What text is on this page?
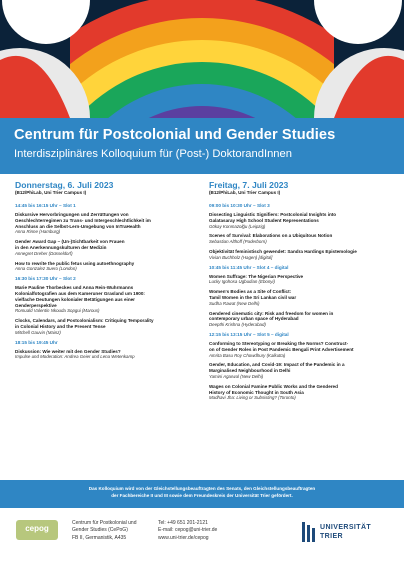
Centrum für Postcolonial und Gender Studies
Interdisziplinäres Kolloquium für (Post-) DoktorandInnen
Donnerstag, 6. Juli 2023
(B12/PhiLab, Uni Trier Campus I)
14:45 bis 16:15 Uhr – Slot 1
Diskursive Hervorbringungen und Zerrüttungen von
Geschlechterregimen zu Trans- und Intergeschlechtlichkeit im
Anschluss an die Selbst-Lern-Umgebung von InTraHealth
Anna Rinne (Hamburg)
Gender Award Gap – (Un-)Sichtbarkeit von Frauen
in den Anerkennungskulturen der Medizin
Annegret Dreher (Düsseldorf)
How to rewrite the public fetus using autoethnography
Anna Gonzalez Suero (London)
16:30 bis 17:30 Uhr – Slot 2
Marie Pauline Thorbeckes und Anna Rein-Wuhrmanns
Kolonialfotografien aus dem Kameruner Grasland um 1900:
vielfache Deutungen kolonialer Betätigungen aus einer
Genderperspektive
Romuald Valentin Nkouda Sopgui (Marous)
Clocks, Calendars, and Postcolonialism: Critiquing Temporality
in Colonial History and the Present Tense
Mitchell Gauvin (Mainz)
18:15 bis 19:45 Uhr
Diskussion: Wie weiter mit den Gender Studies?
Impulse und Moderation: Andrea Geier und Lena Wetenkamp
Freitag, 7. Juli 2023
(B12/PhiLab, Uni Trier Campus I)
09:00 bis 10:30 Uhr – Slot 3
Dissecting Linguistic Signifiers: Postcolonial Insights into
Galatasaray High School Student Representations
Gökay Konmazolğu (Leipzig)
Scenes of Survival: Elaborations on a Ubiquitous Notion
Sebastian Althoff (Paderborn)
Objektivität feministisch gewendet: Sandra Hardings Epistemologie
Vivian Buchholz (Hagen) [digital]
10:45 bis 11:45 Uhr – Slot 4 – digital
Women Suffrage: The Nigerian Perspective
Lucky Igohosa Ugbudian (Ebonyi)
Women's Bodies as a Site of Conflict:
Tamil Women in the Sri Lankan civil war
Sudha Rawat (New Delhi)
Gendered cinematic city: Risk and freedom for women in
contemporary urban space of Hyderabad
Deepthi Krishna (Hyderabad)
12:15 bis 13:15 Uhr – Slot 5 – digital
Conforming to Stereotyping or Breaking the Norms? Construct-
on of Gender Roles in Post Pandemic Bengali Print Advertisement
Amrita Basu Roy Chowdhury (Kalkutta)
Gender, Education, and Covid-19: Impact of the Pandemic in a
Marginalised Neighbourhood in Delhi
Yamini Agarwal (New Delhi)
Wages on Colonial Famine Public Works and the Gendered
History of Economic Thought in South Asia
Madhavi Jha: Living or Subsisting? (Toronto)
Das Kolloquium wird von der Gleichstellungsbeauftragten des Senats, den Gleichstellungsbeauftragten
der Fachbereiche II und III sowie dem Freundeskreis der Universität Trier gefördert.
cepog
Centrum für Postkolonial und
Gender Studies (CePoG)
FB II, Germanistik, A435
Tel: +49 651 201-2121
E-mail: cepog@uni-trier.de
www.uni-trier.de/cepog
UNIVERSITÄT
TRIER
